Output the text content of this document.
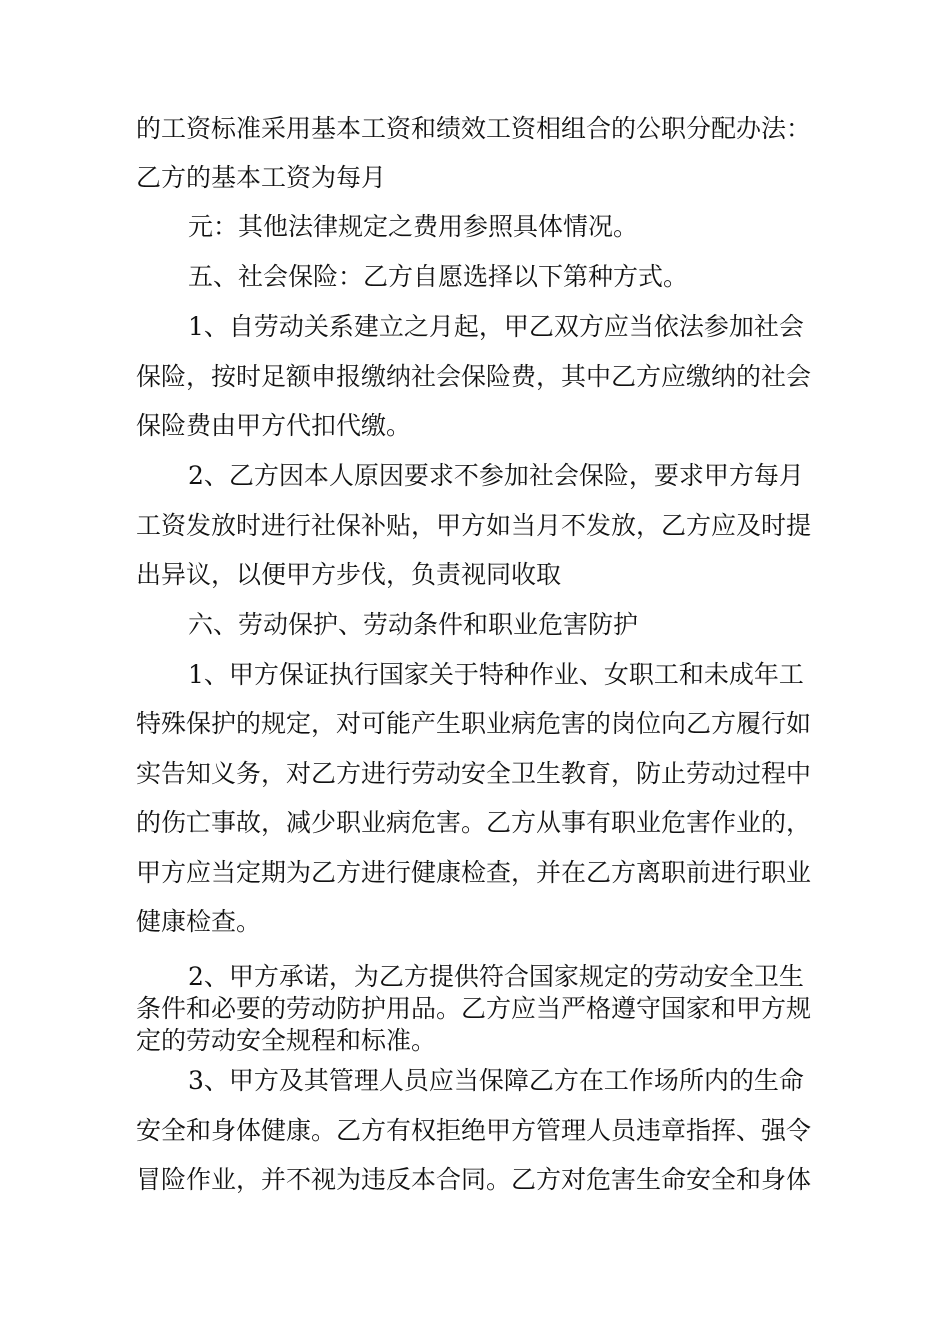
的工资标准采用基本工资和绩效工资相组合的公职分配办法：
乙方的基本工资为每月
元：其他法律规定之费用参照具体情况。
五、社会保险：乙方自愿选择以下第种方式。
1、自劳动关系建立之月起，甲乙双方应当依法参加社会
保险，按时足额申报缴纳社会保险费，其中乙方应缴纳的社会
保险费由甲方代扣代缴。
2、乙方因本人原因要求不参加社会保险，要求甲方每月
工资发放时进行社保补贴，甲方如当月不发放，乙方应及时提
出异议，以便甲方步伐，负责视同收取
六、劳动保护、劳动条件和职业危害防护
1、甲方保证执行国家关于特种作业、女职工和未成年工
特殊保护的规定，对可能产生职业病危害的岗位向乙方履行如
实告知义务，对乙方进行劳动安全卫生教育，防止劳动过程中
的伤亡事故，减少职业病危害。乙方从事有职业危害作业的，
甲方应当定期为乙方进行健康检查，并在乙方离职前进行职业
健康检查。
2、甲方承诺，为乙方提供符合国家规定的劳动安全卫生
条件和必要的劳动防护用品。乙方应当严格遵守国家和甲方规
定的劳动安全规程和标准。
3、甲方及其管理人员应当保障乙方在工作场所内的生命
安全和身体健康。乙方有权拒绝甲方管理人员违章指挥、强令
冒险作业，并不视为违反本合同。乙方对危害生命安全和身体
